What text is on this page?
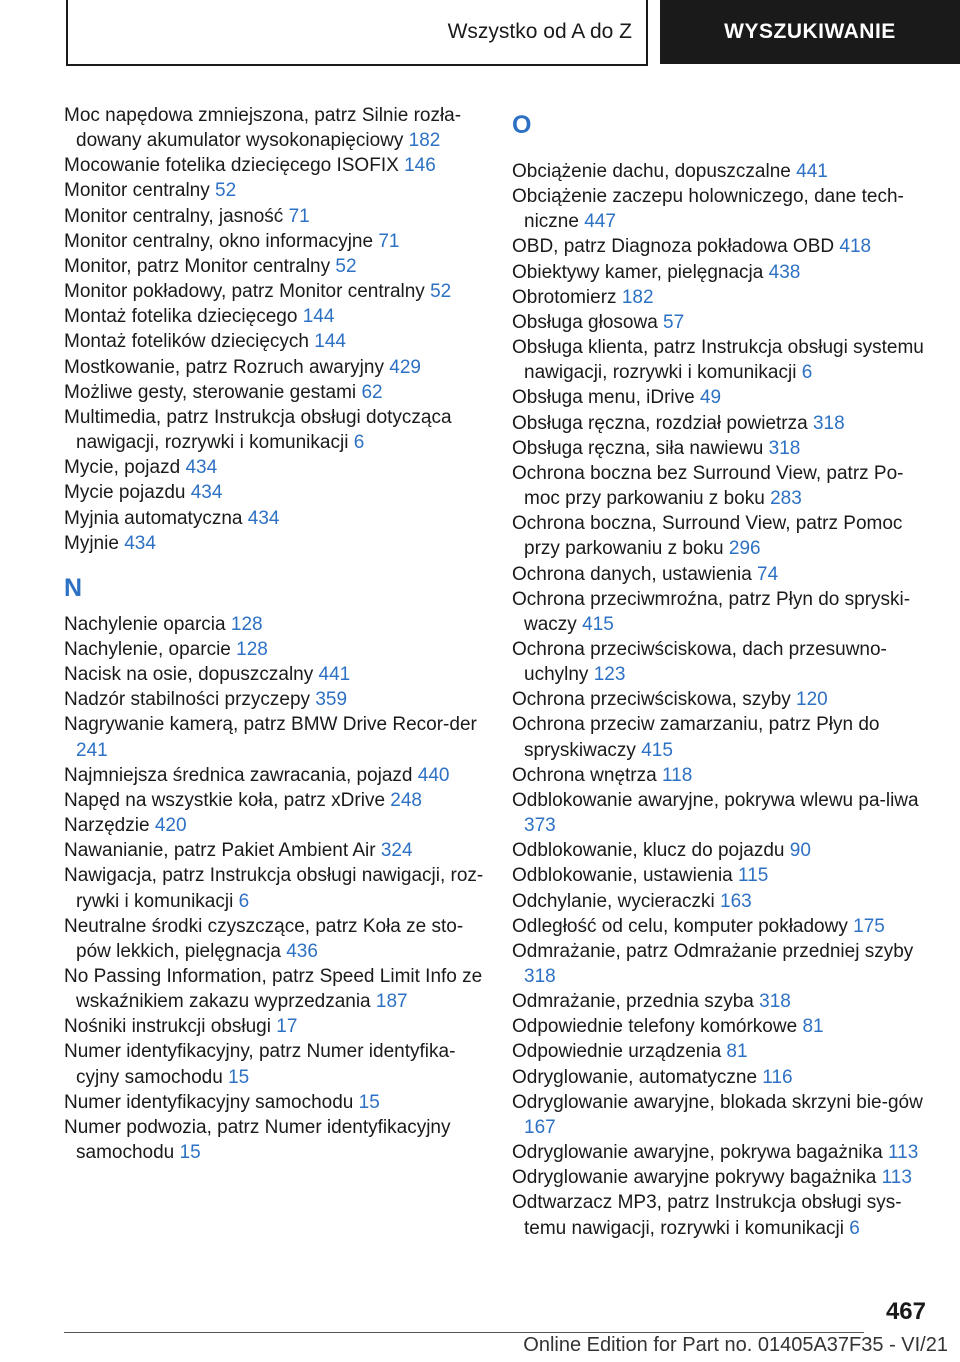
Wszystko od A do Z	WYSZUKIWANIE
Moc napędowa zmniejszona, patrz Silnie rozła-dowany akumulator wysokonapięciowy 182
Mocowanie fotelika dziecięcego ISOFIX 146
Monitor centralny 52
Monitor centralny, jasność 71
Monitor centralny, okno informacyjne 71
Monitor, patrz Monitor centralny 52
Monitor pokładowy, patrz Monitor centralny 52
Montaż fotelika dziecięcego 144
Montaż fotelików dziecięcych 144
Mostkowanie, patrz Rozruch awaryjny 429
Możliwe gesty, sterowanie gestami 62
Multimedia, patrz Instrukcja obsługi dotycząca nawigacji, rozrywki i komunikacji 6
Mycie, pojazd 434
Mycie pojazdu 434
Myjnia automatyczna 434
Myjnie 434
N
Nachylenie oparcia 128
Nachylenie, oparcie 128
Nacisk na osie, dopuszczalny 441
Nadzór stabilności przyczepy 359
Nagrywanie kamerą, patrz BMW Drive Recor-der 241
Najmniejsza średnica zawracania, pojazd 440
Napęd na wszystkie koła, patrz xDrive 248
Narzędzie 420
Nawanianie, patrz Pakiet Ambient Air 324
Nawigacja, patrz Instrukcja obsługi nawigacji, roz-rywki i komunikacji 6
Neutralne środki czyszczące, patrz Koła ze sto-pów lekkich, pielęgnacja 436
No Passing Information, patrz Speed Limit Info ze wskaźnikiem zakazu wyprzedzania 187
Nośniki instrukcji obsługi 17
Numer identyfikacyjny, patrz Numer identyfika-cyjny samochodu 15
Numer identyfikacyjny samochodu 15
Numer podwozia, patrz Numer identyfikacyjny samochodu 15
O
Obciążenie dachu, dopuszczalne 441
Obciążenie zaczepu holowniczego, dane tech-niczne 447
OBD, patrz Diagnoza pokładowa OBD 418
Obiektywy kamer, pielęgnacja 438
Obrotomierz 182
Obsługa głosowa 57
Obsługa klienta, patrz Instrukcja obsługi systemu nawigacji, rozrywki i komunikacji 6
Obsługa menu, iDrive 49
Obsługa ręczna, rozdział powietrza 318
Obsługa ręczna, siła nawiewu 318
Ochrona boczna bez Surround View, patrz Po-moc przy parkowaniu z boku 283
Ochrona boczna, Surround View, patrz Pomoc przy parkowaniu z boku 296
Ochrona danych, ustawienia 74
Ochrona przeciwmroźna, patrz Płyn do spryski-waczy 415
Ochrona przeciwściskowa, dach przesuwno-uchylny 123
Ochrona przeciwściskowa, szyby 120
Ochrona przeciw zamarzaniu, patrz Płyn do spryskiwaczy 415
Ochrona wnętrza 118
Odblokowanie awaryjne, pokrywa wlewu pa-liwa 373
Odblokowanie, klucz do pojazdu 90
Odblokowanie, ustawienia 115
Odchylanie, wycieraczki 163
Odległość od celu, komputer pokładowy 175
Odmrażanie, patrz Odmrażanie przedniej szyby 318
Odmrażanie, przednia szyba 318
Odpowiednie telefony komórkowe 81
Odpowiednie urządzenia 81
Odryglowanie, automatyczne 116
Odryglowanie awaryjne, blokada skrzyni bie-gów 167
Odryglowanie awaryjne, pokrywa bagażnika 113
Odryglowanie awaryjne pokrywy bagażnika 113
Odtwarzacz MP3, patrz Instrukcja obsługi sys-temu nawigacji, rozrywki i komunikacji 6
467
Online Edition for Part no. 01405A37F35 - VI/21
